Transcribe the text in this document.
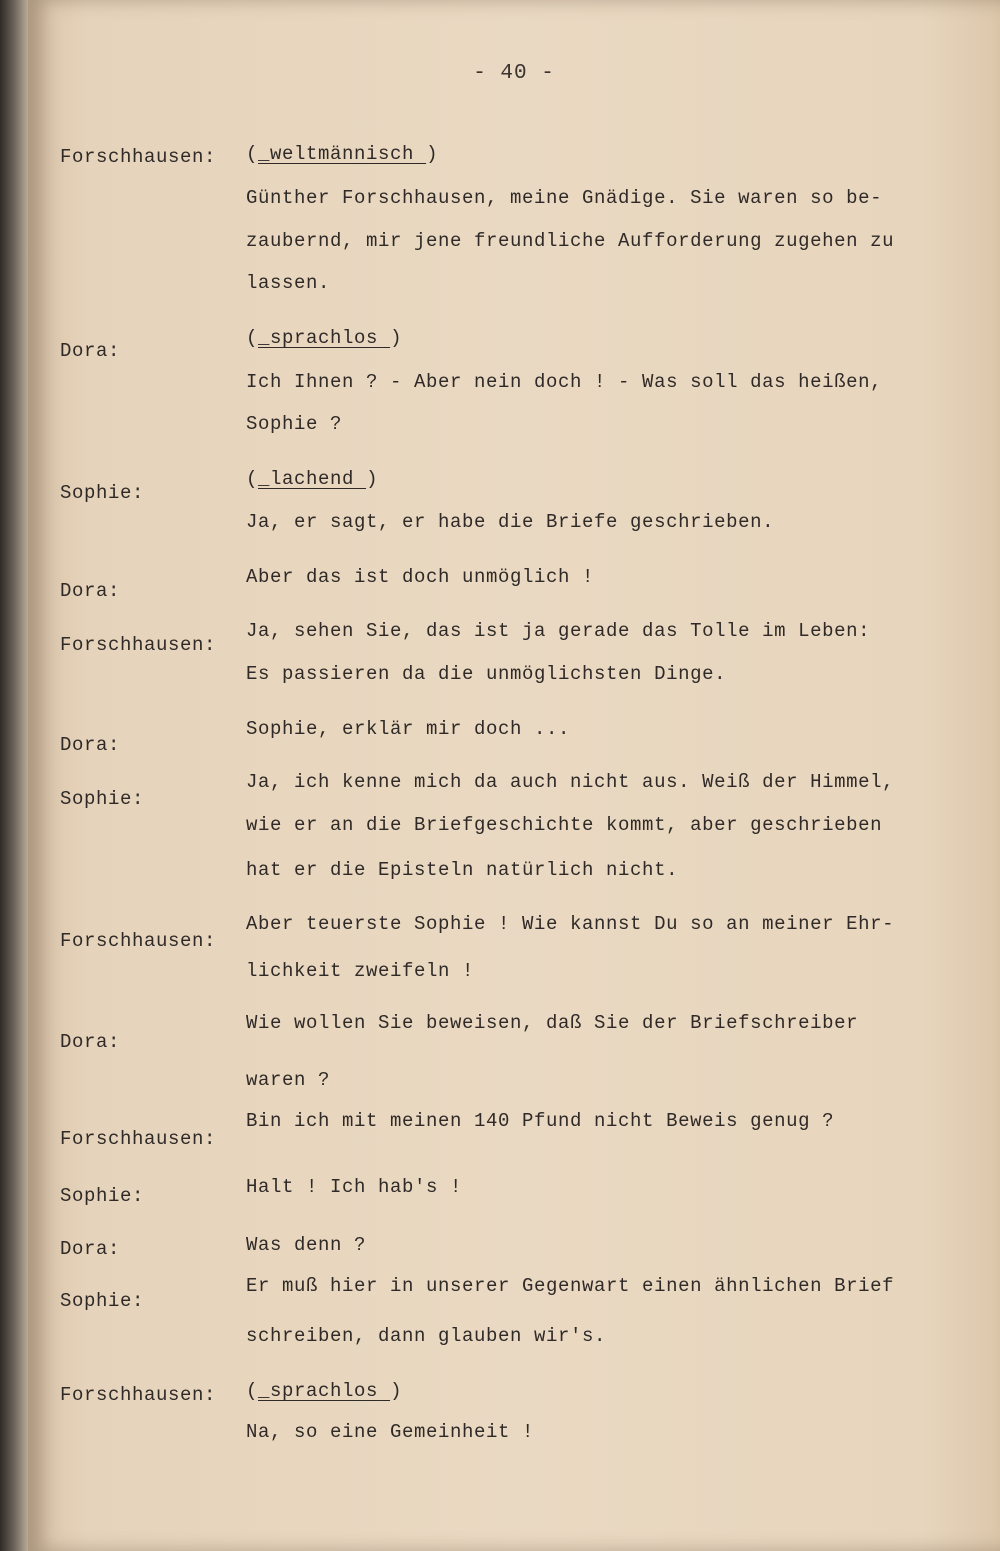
- 40 -

Forschhausen: (_weltmännisch )

Günther Forschhausen, meine Gnädige. Sie waren so be-

zaubernd, mir jene freundliche Aufforderung zugehen zu

lassen.

Dora:

(_sprachlos )

Ich Ihnen ? - Aber nein doch ! - Was soll das heißen,

Sophie ?

Sophie:

(_lachend )

Ja, er sagt, er habe die Briefe geschrieben.

Dora:

Aber das ist doch unmöglich !

Forschhausen:

Ja, sehen Sie, das ist ja gerade das Tolle im Leben:

Es passieren da die unmöglichsten Dinge.

Dora:

Sophie, erklär mir doch ...

Sophie:

Ja, ich kenne mich da auch nicht aus. Weiß der Himmel,

wie er an die Briefgeschichte kommt, aber geschrieben

hat er die Episteln natürlich nicht.

Forschhausen:

Aber teuerste Sophie ! Wie kannst Du so an meiner Ehr-

lichkeit zweifeln !

Dora:

Wie wollen Sie beweisen, daß Sie der Briefschreiber

waren ?

Forschhausen:

Bin ich mit meinen 140 Pfund nicht Beweis genug ?

Sophie:	Halt ! Ich hab's !

Dora:	Was denn ?

Sophie:

Er muß hier in unserer Gegenwart einen ähnlichen Brief

schreiben, dann glauben wir's.

Forschhausen: (_sprachlos )

Na, so eine Gemeinheit !
